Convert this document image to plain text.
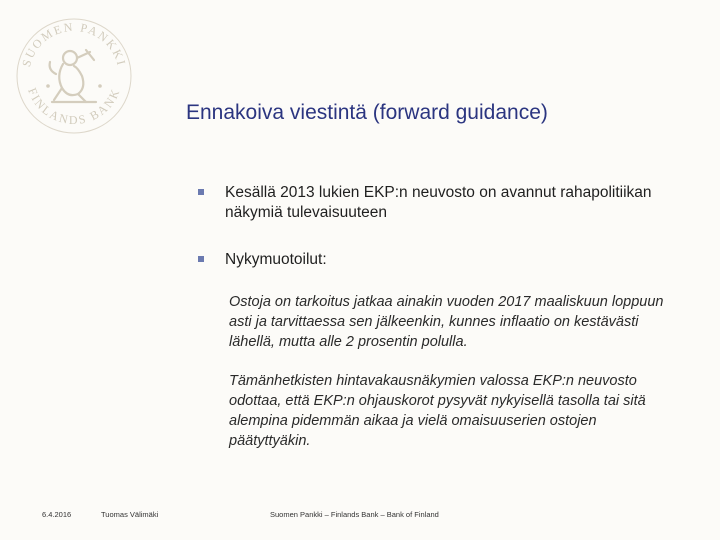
SUOMEN PANKKI
FINLANDS BANK
Ennakoiva viestintä (forward guidance)
Kesällä 2013 lukien EKP:n neuvosto on avannut rahapolitiikan näkymiä tulevaisuuteen
Nykymuotoilut:
Ostoja on tarkoitus jatkaa ainakin vuoden 2017 maaliskuun loppuun asti ja tarvittaessa sen jälkeenkin, kunnes inflaatio on kestävästi lähellä, mutta alle 2 prosentin polulla.
Tämänhetkisten hintavakausnäkymien valossa EKP:n neuvosto odottaa, että EKP:n ohjauskorot pysyvät nykyisellä tasolla tai sitä alempina pidemmän aikaa ja vielä omaisuuserien ostojen päätyttyäkin.
6.4.2016	Tuomas Välimäki	Suomen Pankki – Finlands Bank – Bank of Finland
